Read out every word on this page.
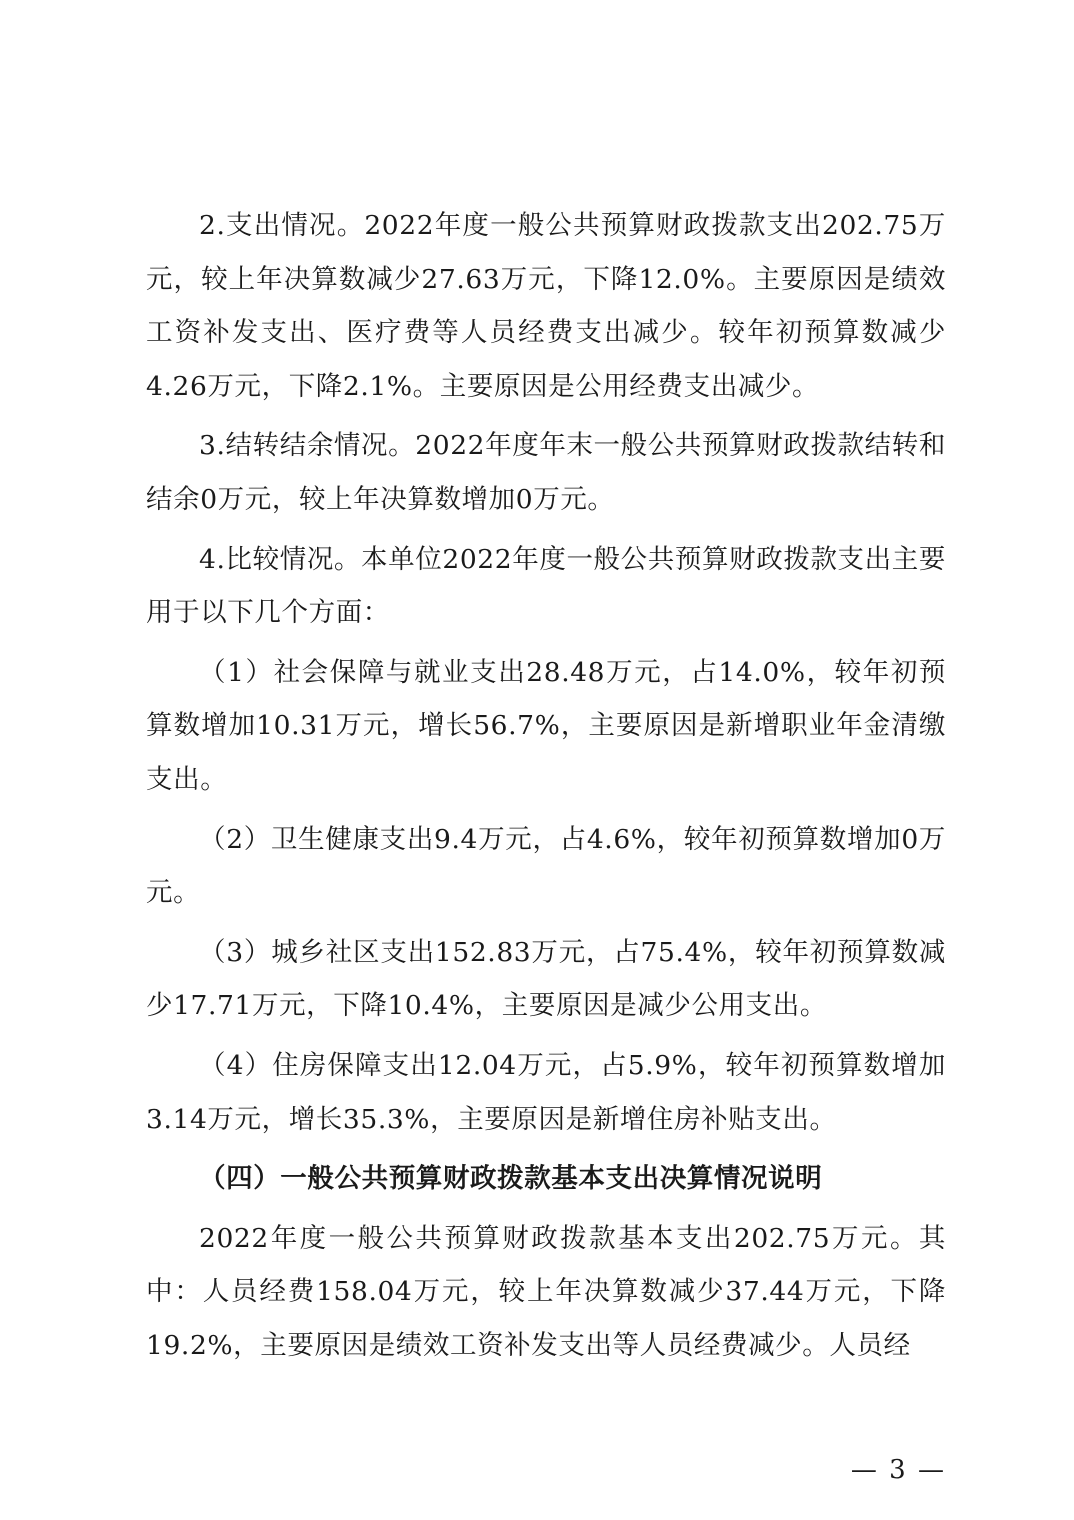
2.支出情况。2022年度一般公共预算财政拨款支出202.75万元，较上年决算数减少27.63万元，下降12.0%。主要原因是绩效工资补发支出、医疗费等人员经费支出减少。较年初预算数减少4.26万元，下降2.1%。主要原因是公用经费支出减少。

3.结转结余情况。2022年度年末一般公共预算财政拨款结转和结余0万元，较上年决算数增加0万元。

4.比较情况。本单位2022年度一般公共预算财政拨款支出主要用于以下几个方面：

（1）社会保障与就业支出28.48万元，占14.0%，较年初预算数增加10.31万元，增长56.7%，主要原因是新增职业年金清缴支出。

（2）卫生健康支出9.4万元，占4.6%，较年初预算数增加0万元。

（3）城乡社区支出152.83万元，占75.4%，较年初预算数减少17.71万元，下降10.4%，主要原因是减少公用支出。

（4）住房保障支出12.04万元，占5.9%，较年初预算数增加3.14万元，增长35.3%，主要原因是新增住房补贴支出。

（四）一般公共预算财政拨款基本支出决算情况说明

2022年度一般公共预算财政拨款基本支出202.75万元。其中：人员经费158.04万元，较上年决算数减少37.44万元，下降19.2%，主要原因是绩效工资补发支出等人员经费减少。人员经

— 3 —
